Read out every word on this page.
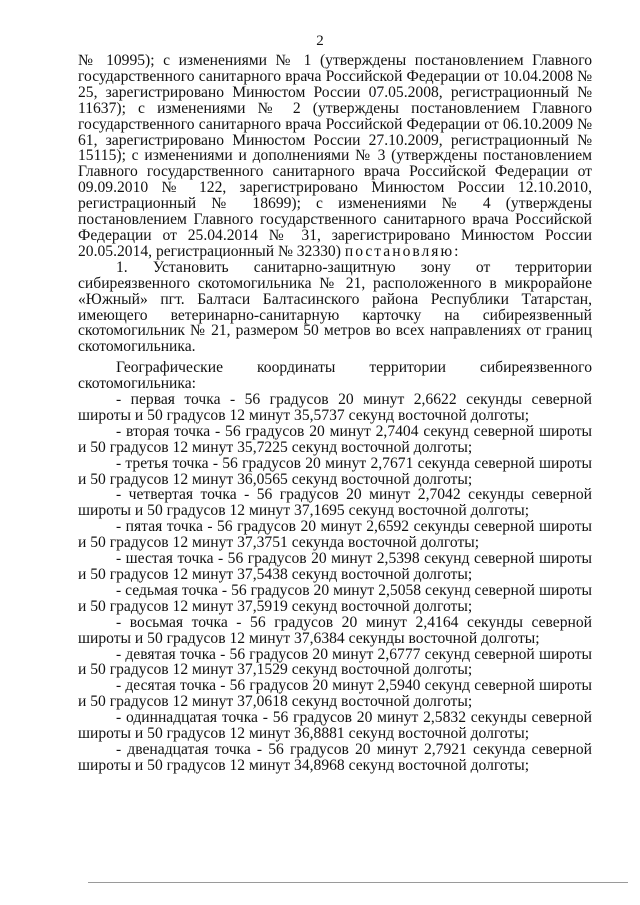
2

№ 10995); с изменениями № 1 (утверждены постановлением Главного государственного санитарного врача Российской Федерации от 10.04.2008 № 25, зарегистрировано Минюстом России 07.05.2008, регистрационный № 11637); с изменениями № 2 (утверждены постановлением Главного государственного санитарного врача Российской Федерации от 06.10.2009 № 61, зарегистрировано Минюстом России 27.10.2009, регистрационный № 15115); с изменениями и дополнениями № 3 (утверждены постановлением Главного государственного санитарного врача Российской Федерации от 09.09.2010 № 122, зарегистрировано Минюстом России 12.10.2010, регистрационный № 18699); с изменениями № 4 (утверждены постановлением Главного государственного санитарного врача Российской Федерации от 25.04.2014 № 31, зарегистрировано Минюстом России 20.05.2014, регистрационный № 32330) постановляю:

1. Установить санитарно-защитную зону от территории сибиреязвенного скотомогильника № 21, расположенного в микрорайоне «Южный» пгт. Балтаси Балтасинского района Республики Татарстан, имеющего ветеринарно-санитарную карточку на сибиреязвенный скотомогильник № 21, размером 50 метров во всех направлениях от границ скотомогильника.

Географические координаты территории сибиреязвенного скотомогильника:

- первая точка - 56 градусов 20 минут 2,6622 секунды северной широты и 50 градусов 12 минут 35,5737 секунд восточной долготы;

- вторая точка - 56 градусов 20 минут 2,7404 секунд северной широты и 50 градусов 12 минут 35,7225 секунд восточной долготы;

- третья точка - 56 градусов 20 минут 2,7671 секунда северной широты и 50 градусов 12 минут 36,0565 секунд восточной долготы;

- четвертая точка - 56 градусов 20 минут 2,7042 секунды северной широты и 50 градусов 12 минут 37,1695 секунд восточной долготы;

- пятая точка - 56 градусов 20 минут 2,6592 секунды северной широты и 50 градусов 12 минут 37,3751 секунда восточной долготы;

- шестая точка - 56 градусов 20 минут 2,5398 секунд северной широты и 50 градусов 12 минут 37,5438 секунд восточной долготы;

- седьмая точка - 56 градусов 20 минут 2,5058 секунд северной широты и 50 градусов 12 минут 37,5919 секунд восточной долготы;

- восьмая точка - 56 градусов 20 минут 2,4164 секунды северной широты и 50 градусов 12 минут 37,6384 секунды восточной долготы;

- девятая точка - 56 градусов 20 минут 2,6777 секунд северной широты и 50 градусов 12 минут 37,1529 секунд восточной долготы;

- десятая точка - 56 градусов 20 минут 2,5940 секунд северной широты и 50 градусов 12 минут 37,0618 секунд восточной долготы;

- одиннадцатая точка - 56 градусов 20 минут 2,5832 секунды северной широты и 50 градусов 12 минут 36,8881 секунд восточной долготы;

- двенадцатая точка - 56 градусов 20 минут 2,7921 секунда северной широты и 50 градусов 12 минут 34,8968 секунд восточной долготы;
